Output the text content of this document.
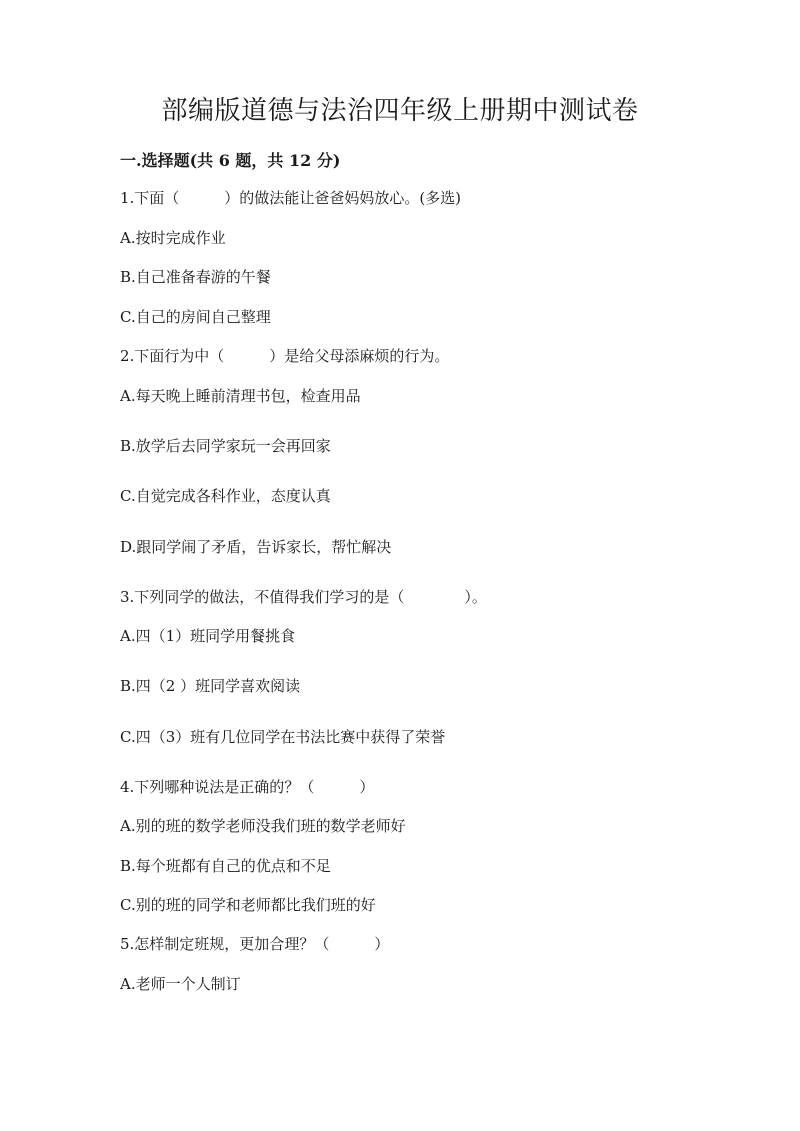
部编版道德与法治四年级上册期中测试卷
一.选择题(共 6 题，共 12 分)
1.下面（　　　）的做法能让爸爸妈妈放心。(多选)
A.按时完成作业
B.自己准备春游的午餐
C.自己的房间自己整理
2.下面行为中（　　　）是给父母添麻烦的行为。
A.每天晚上睡前清理书包，检查用品
B.放学后去同学家玩一会再回家
C.自觉完成各科作业，态度认真
D.跟同学闹了矛盾，告诉家长，帮忙解决
3.下列同学的做法，不值得我们学习的是（　　　　）。
A.四（1）班同学用餐挑食
B.四（2 ）班同学喜欢阅读
C.四（3）班有几位同学在书法比赛中获得了荣誉
4.下列哪种说法是正确的？（　　　）
A.别的班的数学老师没我们班的数学老师好
B.每个班都有自己的优点和不足
C.别的班的同学和老师都比我们班的好
5.怎样制定班规，更加合理？（　　　）
A.老师一个人制订
